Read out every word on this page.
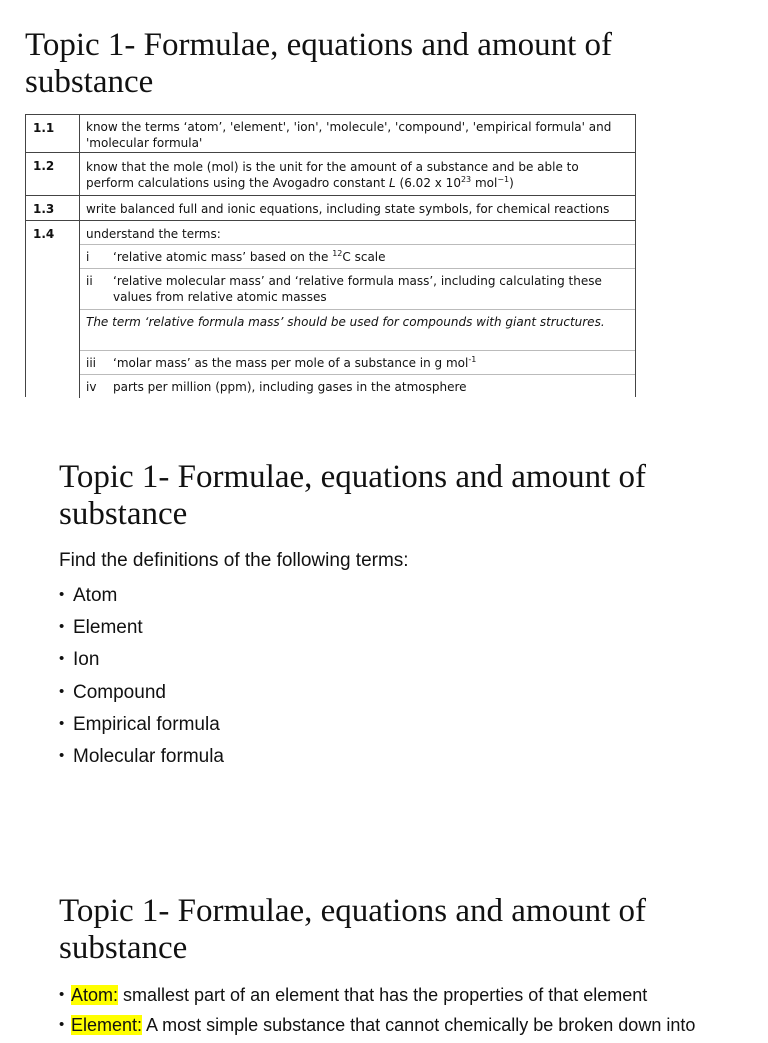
Topic 1- Formulae, equations and amount of substance
1.1	know the terms ‘atom’, 'element', 'ion', 'molecule', 'compound', 'empirical formula' and 'molecular formula'
1.2	know that the mole (mol) is the unit for the amount of a substance and be able to perform calculations using the Avogadro constant L (6.02 x $10^{23}$ mol$^{-1}$)
1.3	write balanced full and ionic equations, including state symbols, for chemical reactions
1.4	understand the terms:
i ‘relative atomic mass’ based on the $^{12}$C scale
ii ‘relative molecular mass’ and ‘relative formula mass’, including calculating these values from relative atomic masses
The term ‘relative formula mass’ should be used for compounds with giant structures.
iii ‘molar mass’ as the mass per mole of a substance in g mol$^{-1}$
iv parts per million (ppm), including gases in the atmosphere
Topic 1- Formulae, equations and amount of substance
Find the definitions of the following terms:
• Atom
• Element
• Ion
• Compound
• Empirical formula
• Molecular formula
Topic 1- Formulae, equations and amount of substance
• Atom: smallest part of an element that has the properties of that element
• Element: A most simple substance that cannot chemically be broken down into
